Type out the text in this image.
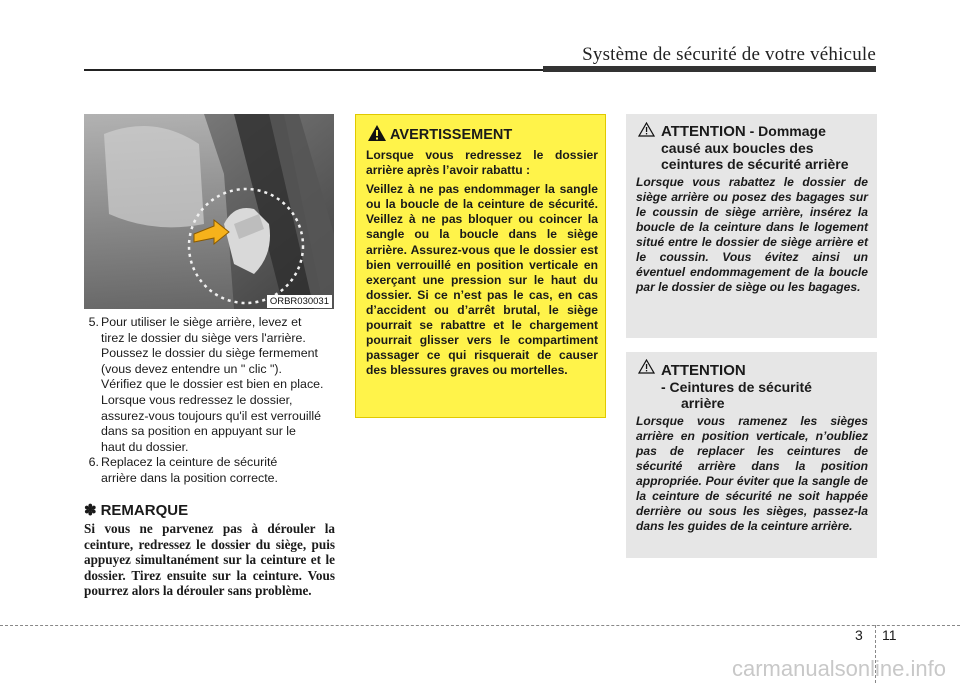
Système de sécurité de votre véhicule
ORBR030031
5. Pour utiliser le siège arrière, levez et
tirez le dossier du siège vers l'arrière.
Poussez le dossier du siège fermement
(vous devez entendre un " clic ").
Vérifiez que le dossier est bien en place.
Lorsque vous redressez le dossier,
assurez-vous toujours qu'il est verrouillé
dans sa position en appuyant sur le
haut du dossier.
6. Replacez la ceinture de sécurité
arrière dans la position correcte.
✽ REMARQUE
Si vous ne parvenez pas à dérouler la ceinture, redressez le dossier du siège, puis appuyez simultanément sur la ceinture et le dossier. Tirez ensuite sur la ceinture. Vous pourrez alors la dérouler sans problème.
AVERTISSEMENT

Lorsque vous redressez le dossier arrière après l’avoir rabattu :

Veillez à ne pas endommager la sangle ou la boucle de la ceinture de sécurité. Veillez à ne pas bloquer ou coincer la sangle ou la boucle dans le siège arrière. Assurez-vous que le dossier est bien verrouillé en position verticale en exerçant une pression sur le haut du dossier. Si ce n’est pas le cas, en cas d’accident ou d’arrêt brutal, le siège pourrait se rabattre et le chargement pourrait glisser vers le compartiment passager ce qui risquerait de causer des blessures graves ou mortelles.

ATTENTION - Dommage
causé aux boucles des
ceintures de sécurité arrière
Lorsque vous rabattez le dossier de siège arrière ou posez des bagages sur le coussin de siège arrière, insérez la boucle de la ceinture dans le logement situé entre le dossier de siège arrière et le coussin. Vous évitez ainsi un éventuel endommagement de la boucle par le dossier de siège ou les bagages.
ATTENTION
- Ceintures de sécurité
arrière
Lorsque vous ramenez les sièges arrière en position verticale, n’oubliez pas de replacer les ceintures de sécurité arrière dans la position appropriée. Pour éviter que la sangle de la ceinture de sécurité ne soit happée derrière ou sous les sièges, passez-la dans les guides de la ceinture arrière.
3 11
carmanualsonline.info
